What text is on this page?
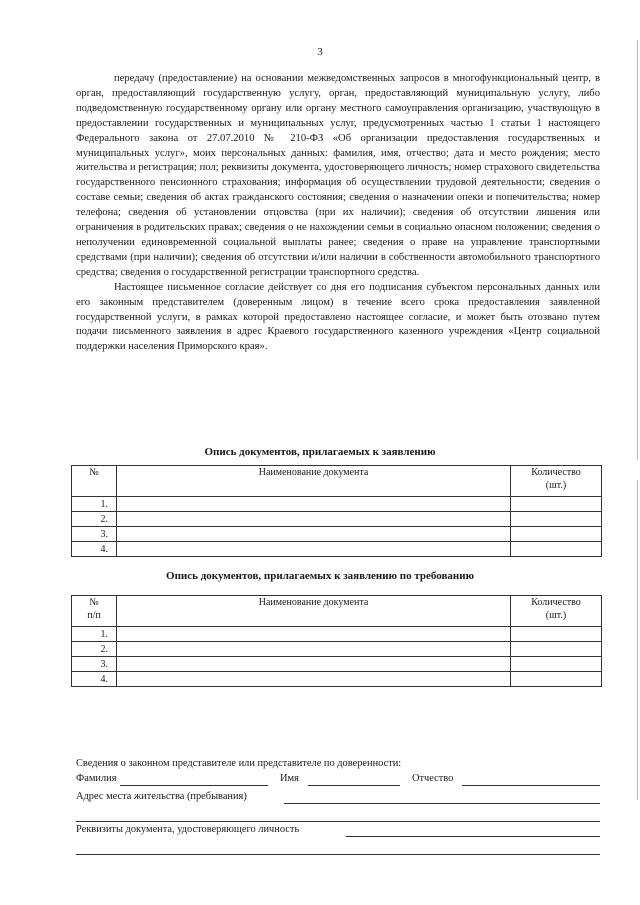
3

передачу (предоставление) на основании межведомственных запросов в многофункциональный центр, в орган, предоставляющий государственную услугу, орган, предоставляющий муниципальную услугу, либо подведомственную государственному органу или органу местного самоуправления организацию, участвующую в предоставлении государственных и муниципальных услуг, предусмотренных частью 1 статьи 1 настоящего Федерального закона от 27.07.2010 № 210-ФЗ «Об организации предоставления государственных и муниципальных услуг», моих персональных данных: фамилия, имя, отчество; дата и место рождения; место жительства и регистрация; пол; реквизиты документа, удостоверяющего личность; номер страхового свидетельства государственного пенсионного страхования; информация об осуществлении трудовой деятельности; сведения о составе семьи; сведения об актах гражданского состояния; сведения о назначении опеки и попечительства; номер телефона; сведения об установлении отцовства (при их наличии); сведения об отсутствии лишения или ограничения в родительских правах; сведения о не нахождении семьи в социально опасном положении; сведения о неполучении единовременной социальной выплаты ранее; сведения о праве на управление транспортными средствами (при наличии); сведения об отсутствии и/или наличии в собственности автомобильного транспортного средства; сведения о государственной регистрации транспортного средства.

Настоящее письменное согласие действует со дня его подписания субъектом персональных данных или его законным представителем (доверенным лицом) в течение всего срока предоставления заявленной государственной услуги, в рамках которой предоставлено настоящее согласие, и может быть отозвано путем подачи письменного заявления в адрес Краевого государственного казенного учреждения «Центр социальной поддержки населения Приморского края».

Опись документов, прилагаемых к заявлению
№	Наименование документа	Количество
(шт.)
1.		
2.		
3.		
4.		
Опись документов, прилагаемых к заявлению по требованию
№
п/п	Наименование документа	Количество
(шт.)
1.		
2.		
3.		
4.		
Сведения о законном представителе или представителе по доверенности:
Фамилия	Имя	Отчество
Адрес места жительства (пребывания)
Реквизиты документа, удостоверяющего личность
